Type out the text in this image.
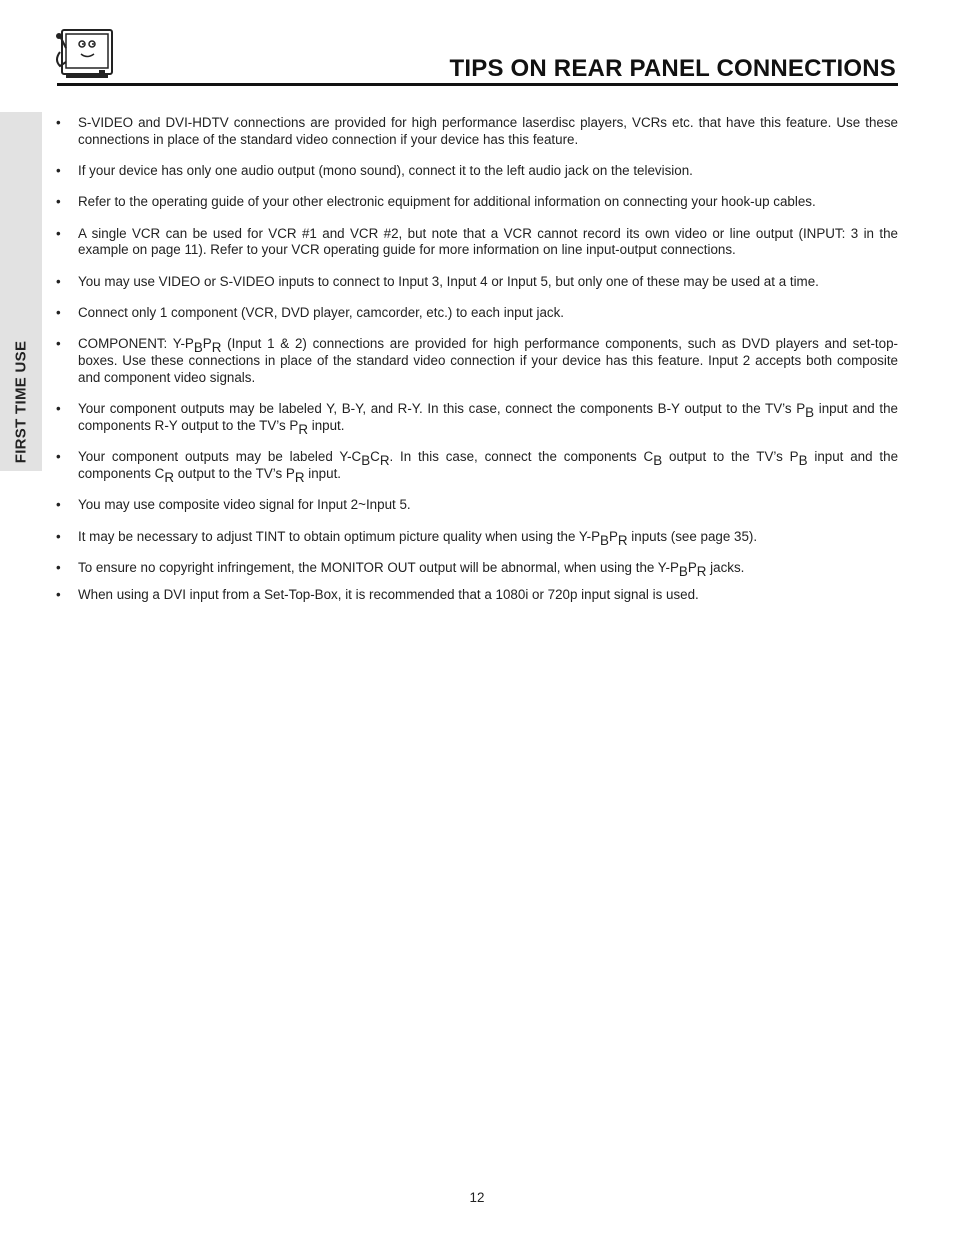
TIPS ON REAR PANEL CONNECTIONS
FIRST TIME USE
• S-VIDEO and DVI-HDTV connections are provided for high performance laserdisc players, VCRs etc. that have this feature. Use these connections in place of the standard video connection if your device has this feature.
• If your device has only one audio output (mono sound), connect it to the left audio jack on the television.
• Refer to the operating guide of your other electronic equipment for additional information on connecting your hook-up cables.
• A single VCR can be used for VCR #1 and VCR #2, but note that a VCR cannot record its own video or line output (INPUT: 3 in the example on page 11). Refer to your VCR operating guide for more information on line input-output connections.
• You may use VIDEO or S-VIDEO inputs to connect to Input 3, Input 4 or Input 5, but only one of these may be used at a time.
• Connect only 1 component (VCR, DVD player, camcorder, etc.) to each input jack.
• COMPONENT: $Y-P_BP_R$ (Input 1 & 2) connections are provided for high performance components, such as DVD players and set-top-boxes. Use these connections in place of the standard video connection if your device has this feature. Input 2 accepts both composite and component video signals.
• Your component outputs may be labeled Y, B-Y, and R-Y. In this case, connect the components B-Y output to the TV’s $P_B$ input and the components R-Y output to the TV’s $P_R$ input.
• Your component outputs may be labeled $Y-C_BC_R$. In this case, connect the components $C_B$ output to the TV’s $P_B$ input and the components $C_R$ output to the TV’s $P_R$ input.
• You may use composite video signal for Input 2~Input 5.
• It may be necessary to adjust TINT to obtain optimum picture quality when using the $Y-P_BP_R$ inputs (see page 35).
• To ensure no copyright infringement, the MONITOR OUT output will be abnormal, when using the $Y-P_BP_R$ jacks.
• When using a DVI input from a Set-Top-Box, it is recommended that a 1080i or 720p input signal is used.
12
